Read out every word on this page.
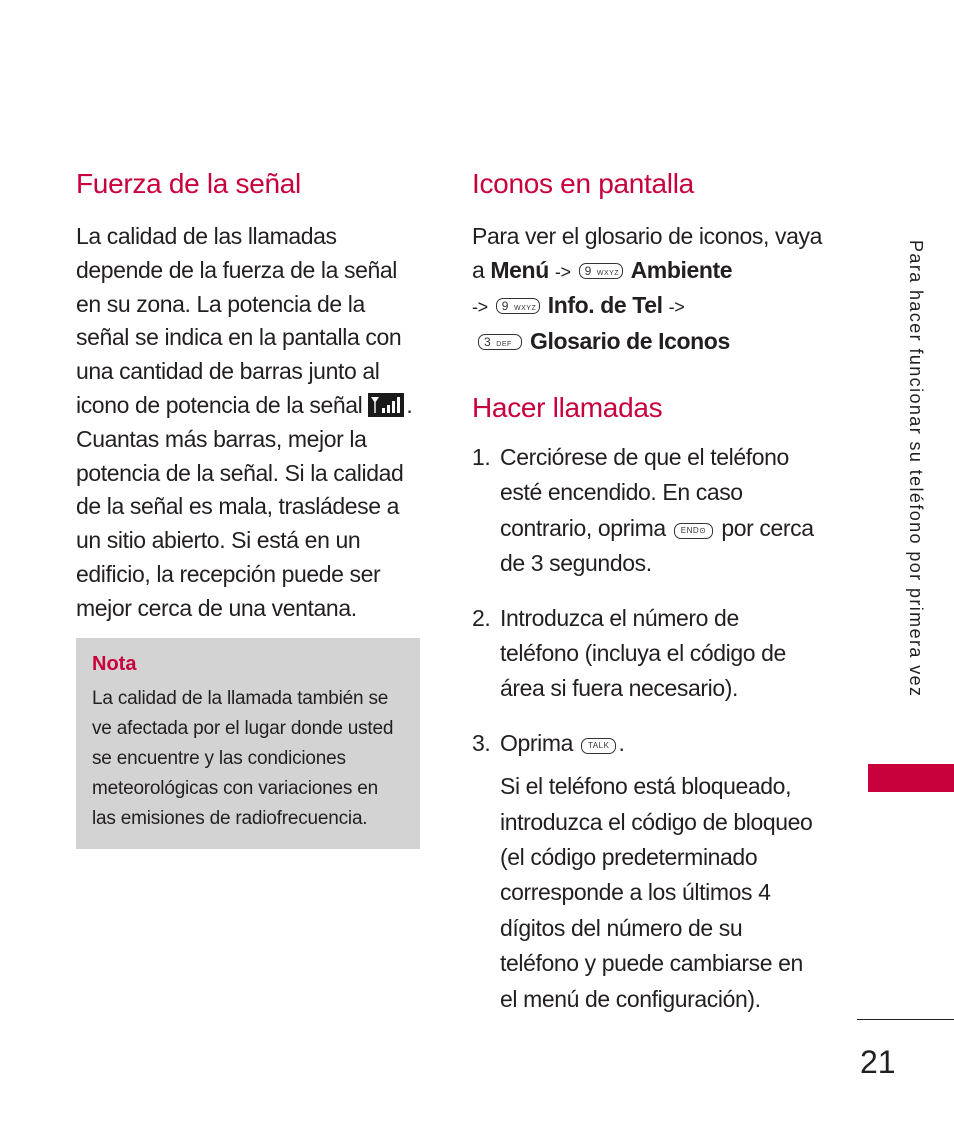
Fuerza de la señal

La calidad de las llamadas depende de la fuerza de la señal en su zona. La potencia de la señal se indica en la pantalla con una cantidad de barras junto al icono de potencia de la señal . Cuantas más barras, mejor la potencia de la señal. Si la calidad de la señal es mala, trasládese a un sitio abierto. Si está en un edificio, la recepción puede ser mejor cerca de una ventana.

Nota

La calidad de la llamada también se ve afectada por el lugar donde usted se encuentre y las condiciones meteorológicas con variaciones en las emisiones de radiofrecuencia.

Iconos en pantalla

Para ver el glosario de iconos, vaya a Menú -> 9 WXYZ Ambiente
-> 9 WXYZ Info. de Tel ->
3 DEF Glosario de Iconos

Hacer llamadas
1. Cerciórese de que el teléfono esté encendido. En caso contrario, oprima END⊙ por cerca de 3 segundos.
2. Introduzca el número de teléfono (incluya el código de área si fuera necesario).
3. Oprima TALK .

Si el teléfono está bloqueado, introduzca el código de bloqueo (el código predeterminado corresponde a los últimos 4 dígitos del número de su teléfono y puede cambiarse en el menú de configuración).

Para hacer funcionar su teléfono por primera vez
21
